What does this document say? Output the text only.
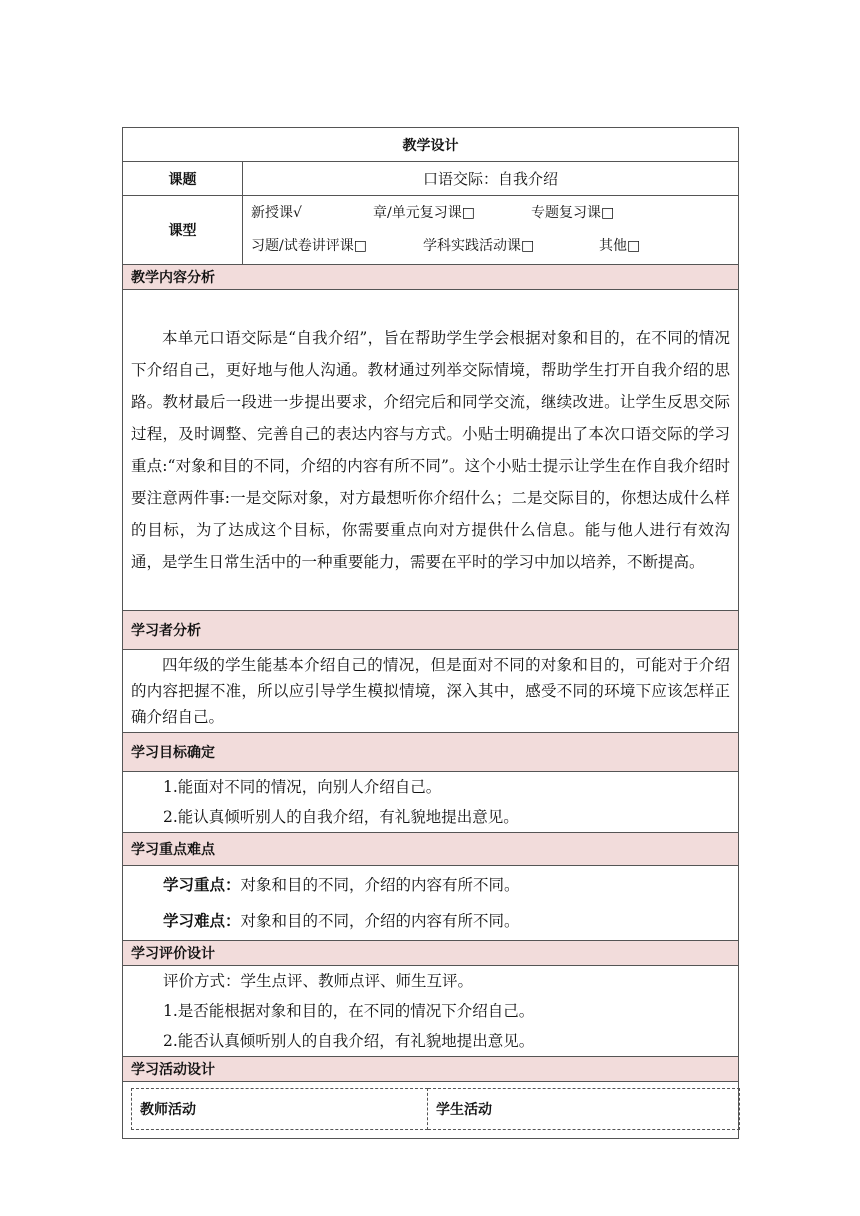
教学设计
课题	口语交际：自我介绍
课型	
新授课√	章/单元复习课□	专题复习课□
习题/试卷讲评课□	学科实践活动课□	其他□

教学内容分析
本单元口语交际是“自我介绍”，旨在帮助学生学会根据对象和目的，在不同的情况下介绍自己，更好地与他人沟通。教材通过列举交际情境，帮助学生打开自我介绍的思路。教材最后一段进一步提出要求，介绍完后和同学交流，继续改进。让学生反思交际过程，及时调整、完善自己的表达内容与方式。小贴士明确提出了本次口语交际的学习重点:“对象和目的不同，介绍的内容有所不同”。这个小贴士提示让学生在作自我介绍时要注意两件事:一是交际对象，对方最想听你介绍什么；二是交际目的，你想达成什么样的目标，为了达成这个目标，你需要重点向对方提供什么信息。能与他人进行有效沟通，是学生日常生活中的一种重要能力，需要在平时的学习中加以培养，不断提高。
学习者分析
四年级的学生能基本介绍自己的情况，但是面对不同的对象和目的，可能对于介绍的内容把握不准，所以应引导学生模拟情境，深入其中，感受不同的环境下应该怎样正确介绍自己。
学习目标确定

1.能面对不同的情况，向别人介绍自己。
2.能认真倾听别人的自我介绍，有礼貌地提出意见。

学习重点难点

学习重点：对象和目的不同，介绍的内容有所不同。
学习难点：对象和目的不同，介绍的内容有所不同。

学习评价设计

评价方式：学生点评、教师点评、师生互评。
1.是否能根据对象和目的，在不同的情况下介绍自己。
2.能否认真倾听别人的自我介绍，有礼貌地提出意见。

学习活动设计

教师活动	学生活动
